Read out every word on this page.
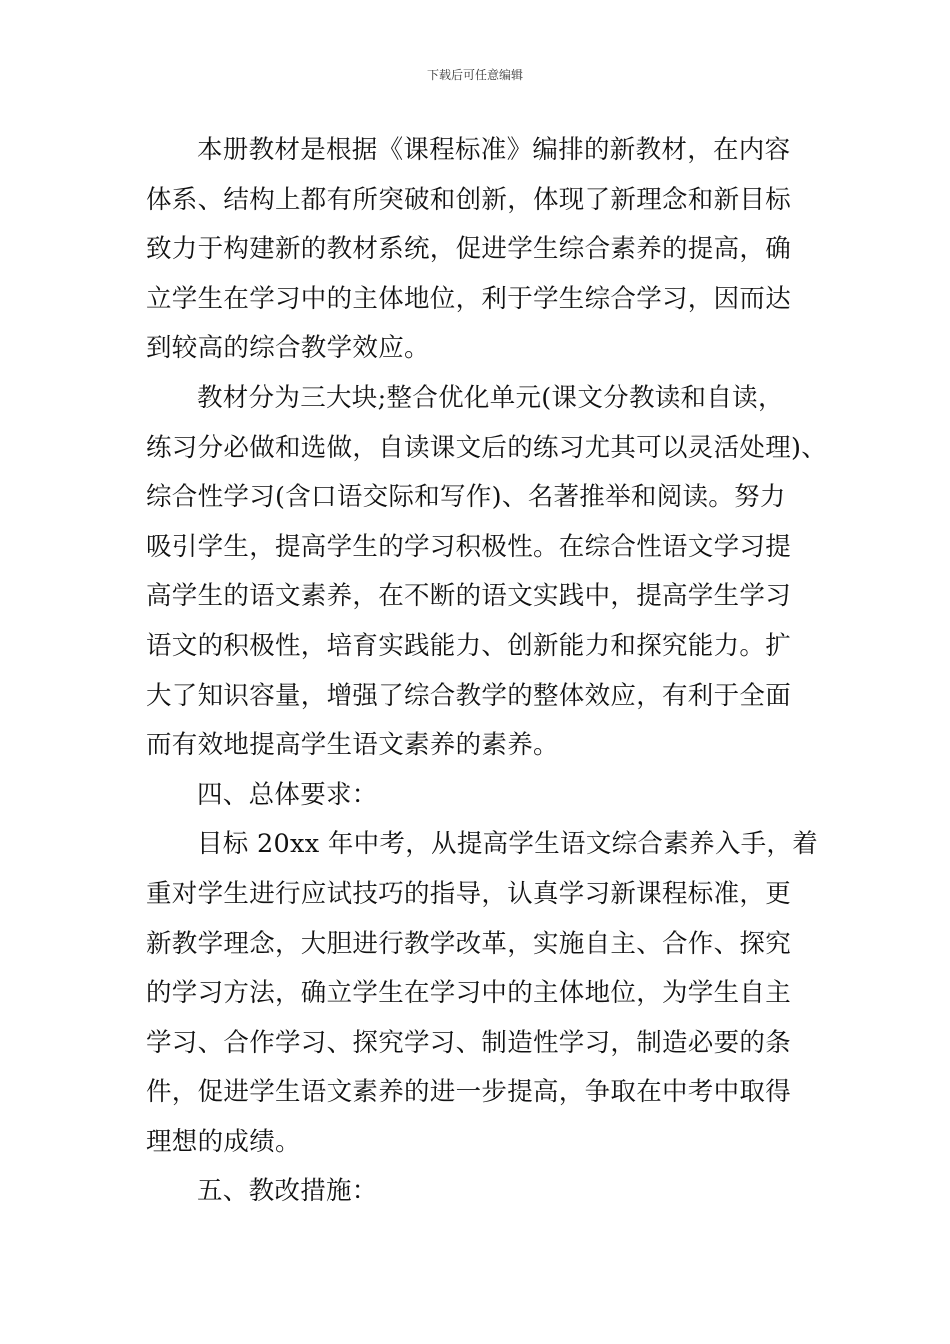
下载后可任意编辑
本册教材是根据《课程标准》编排的新教材，在内容
体系、结构上都有所突破和创新，体现了新理念和新目标
致力于构建新的教材系统，促进学生综合素养的提高，确
立学生在学习中的主体地位，利于学生综合学习，因而达
到较高的综合教学效应。
教材分为三大块;整合优化单元(课文分教读和自读，
练习分必做和选做，自读课文后的练习尤其可以灵活处理)、
综合性学习(含口语交际和写作)、名著推举和阅读。努力
吸引学生，提高学生的学习积极性。在综合性语文学习提
高学生的语文素养，在不断的语文实践中，提高学生学习
语文的积极性，培育实践能力、创新能力和探究能力。扩
大了知识容量，增强了综合教学的整体效应，有利于全面
而有效地提高学生语文素养的素养。
四、总体要求：
目标 20xx 年中考，从提高学生语文综合素养入手，着
重对学生进行应试技巧的指导，认真学习新课程标准，更
新教学理念，大胆进行教学改革，实施自主、合作、探究
的学习方法，确立学生在学习中的主体地位，为学生自主
学习、合作学习、探究学习、制造性学习，制造必要的条
件，促进学生语文素养的进一步提高，争取在中考中取得
理想的成绩。
五、教改措施：
